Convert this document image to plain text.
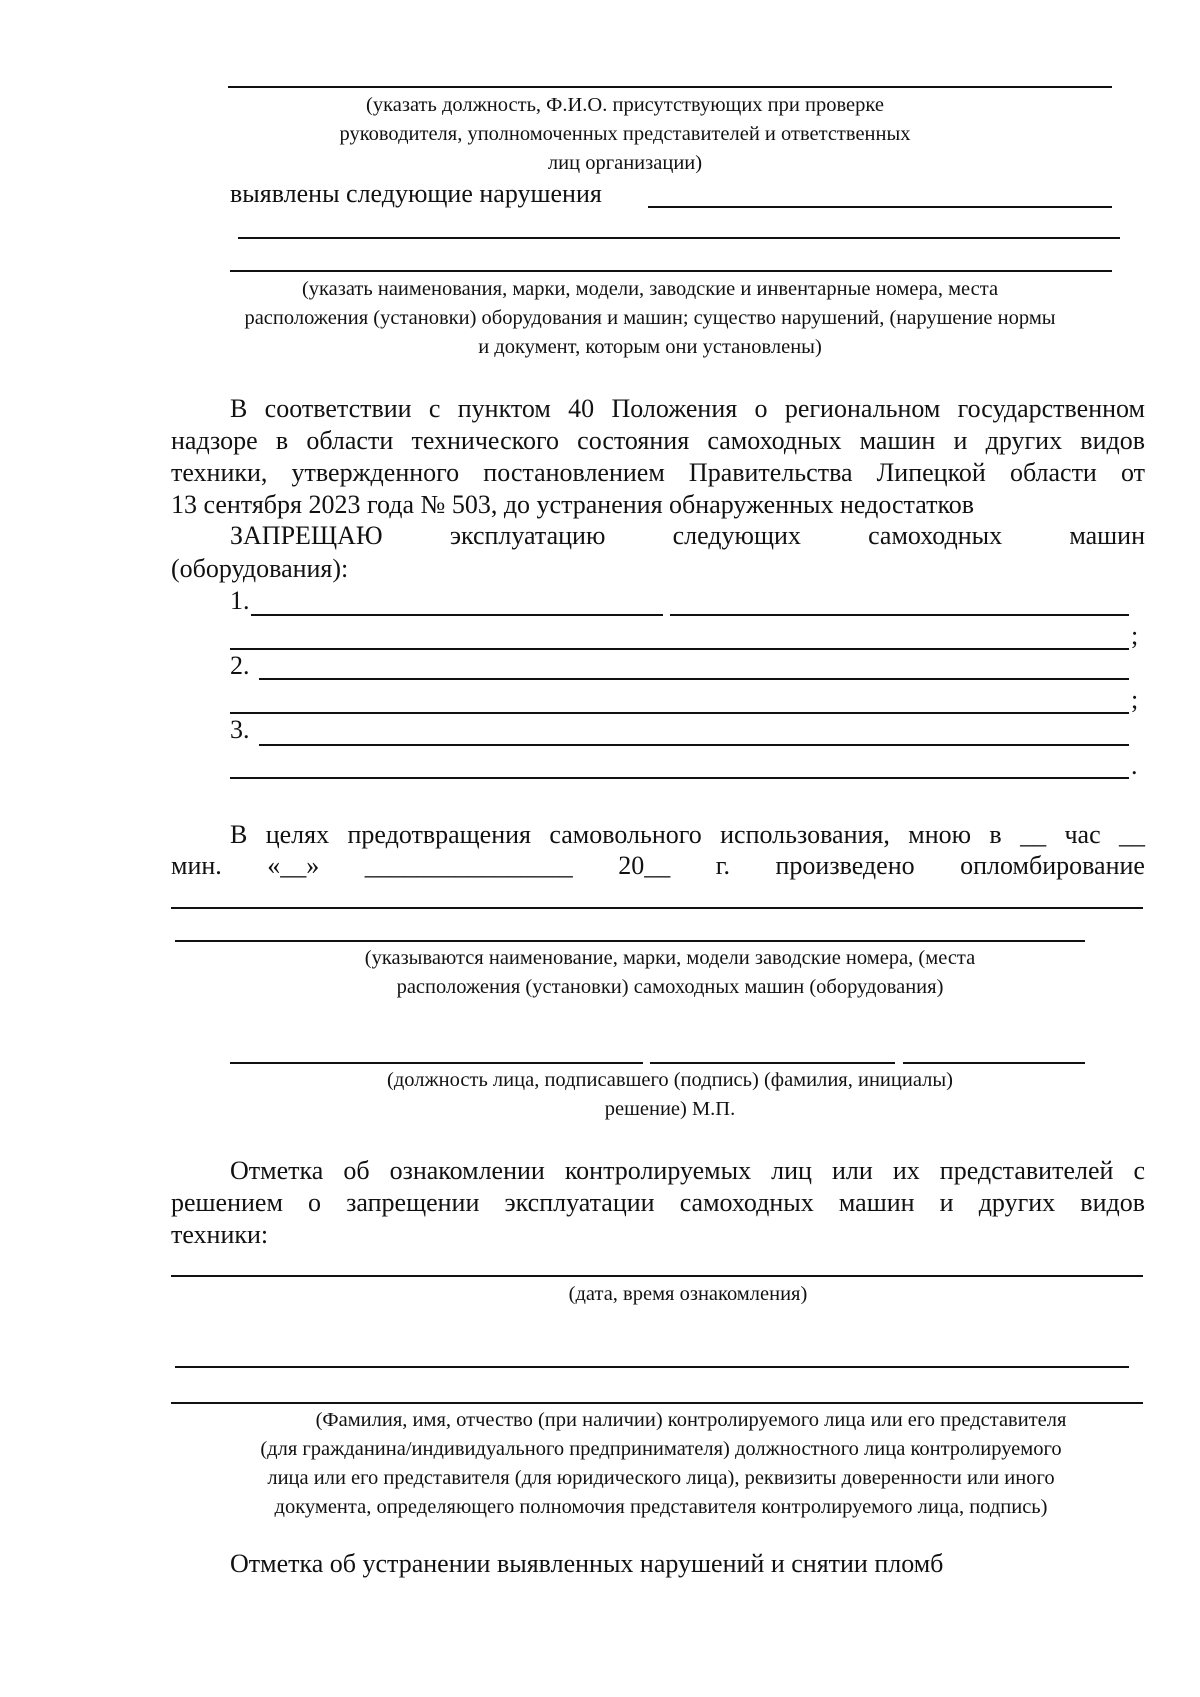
(указать должность, Ф.И.О. присутствующих при проверке
руководителя, уполномоченных представителей и ответственных
лиц организации)
выявлены следующие нарушения
(указать наименования, марки, модели, заводские и инвентарные номера, места
расположения (установки) оборудования и машин; существо нарушений, (нарушение нормы
и документ, которым они установлены)
В соответствии с пунктом 40 Положения о региональном государственном
надзоре в области технического состояния самоходных машин и других видов
техники, утвержденного постановлением Правительства Липецкой области от
13 сентября 2023 года № 503, до устранения обнаруженных недостатков
ЗАПРЕЩАЮ	эксплуатацию	следующих	самоходных	машин
(оборудования):
1.
;
2.
;
3.
.
В целях предотвращения самовольного использования, мною в __ час __
мин. «__» ________________ 20__ г. произведено опломбирование
(указываются наименование, марки, модели заводские номера, (места
расположения (установки) самоходных машин (оборудования)
(должность лица, подписавшего (подпись) (фамилия, инициалы)
решение) М.П.
Отметка об ознакомлении контролируемых лиц или их представителей с
решением о запрещении эксплуатации самоходных машин и других видов
техники:
(дата, время ознакомления)
(Фамилия, имя, отчество (при наличии) контролируемого лица или его представителя
(для гражданина/индивидуального предпринимателя) должностного лица контролируемого
лица или его представителя (для юридического лица), реквизиты доверенности или иного
документа, определяющего полномочия представителя контролируемого лица, подпись)
Отметка об устранении выявленных нарушений и снятии пломб
